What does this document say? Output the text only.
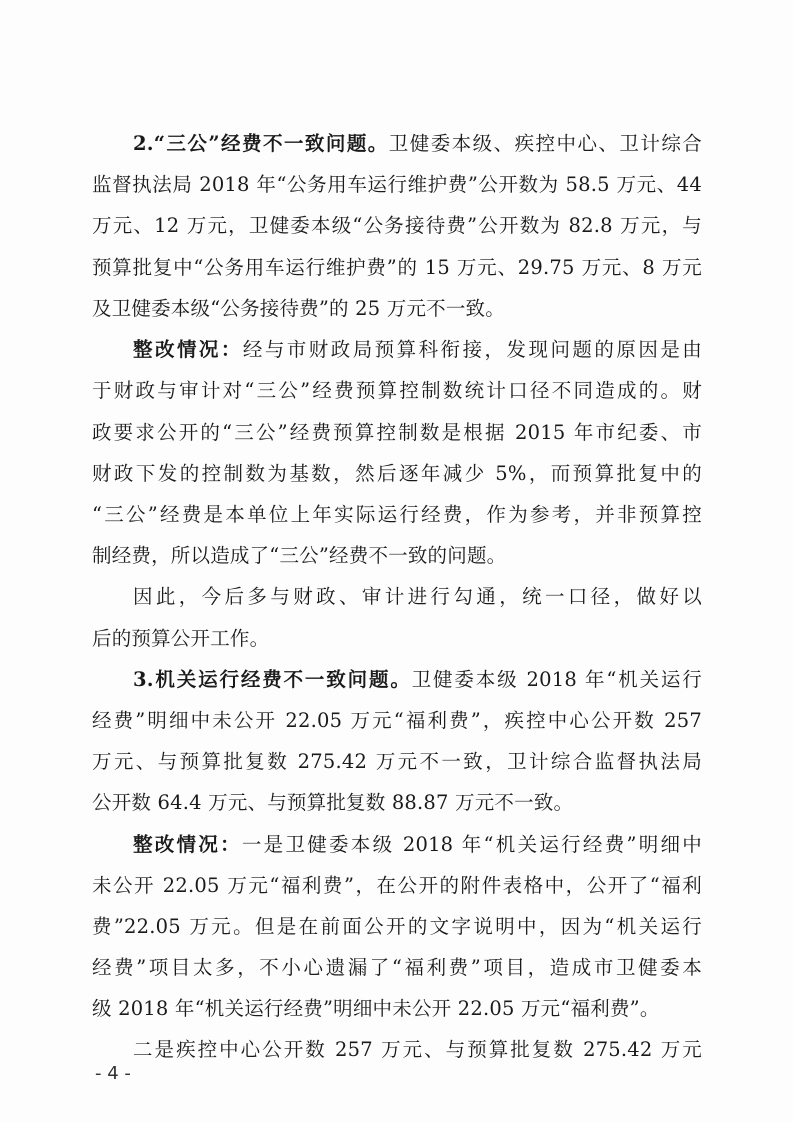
2.“三公”经费不一致问题。卫健委本级、疾控中心、卫计综合
监督执法局 2018 年“公务用车运行维护费”公开数为 58.5 万元、44
万元、12 万元，卫健委本级“公务接待费”公开数为 82.8 万元，与
预算批复中“公务用车运行维护费”的 15 万元、29.75 万元、8 万元
及卫健委本级“公务接待费”的 25 万元不一致。
整改情况：经与市财政局预算科衔接，发现问题的原因是由
于财政与审计对“三公”经费预算控制数统计口径不同造成的。财
政要求公开的“三公”经费预算控制数是根据 2015 年市纪委、市
财政下发的控制数为基数，然后逐年减少 5%，而预算批复中的
“三公”经费是本单位上年实际运行经费，作为参考，并非预算控
制经费，所以造成了“三公”经费不一致的问题。
因此，今后多与财政、审计进行勾通，统一口径，做好以
后的预算公开工作。
3.机关运行经费不一致问题。卫健委本级 2018 年“机关运行
经费”明细中未公开 22.05 万元“福利费”，疾控中心公开数 257
万元、与预算批复数 275.42 万元不一致，卫计综合监督执法局
公开数 64.4 万元、与预算批复数 88.87 万元不一致。
整改情况：一是卫健委本级 2018 年“机关运行经费”明细中
未公开 22.05 万元“福利费”，在公开的附件表格中，公开了“福利
费”22.05 万元。但是在前面公开的文字说明中，因为“机关运行
经费”项目太多，不小心遗漏了“福利费”项目，造成市卫健委本
级 2018 年“机关运行经费”明细中未公开 22.05 万元“福利费”。
二是疾控中心公开数 257 万元、与预算批复数 275.42 万元
- 4 -
